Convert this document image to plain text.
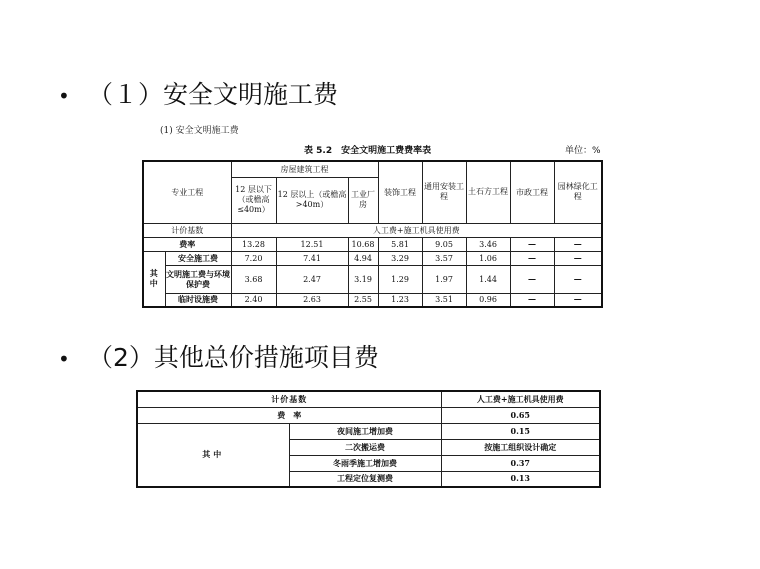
• （１）安全文明施工费
(1) 安全文明施工费
表 5.2　安全文明施工费费率表	单位：%
专业工程		房屋建筑工程			装饰工程	通用安装工程	土石方工程	市政工程	园林绿化工程
		12 层以下（或檐高≤40m）	12 层以上（或檐高>40m）	工业厂房					
计价基数		人工费+施工机具使用费							
费率		13.28	12.51	10.68	5.81	9.05	3.46	—	—
其中	安全施工费	7.20	7.41	4.94	3.29	3.57	1.06	—	—
	文明施工费与环境保护费	3.68	2.47	3.19	1.29	1.97	1.44	—	—
	临时设施费	2.40	2.63	2.55	1.23	3.51	0.96	—	—
• （2）其他总价措施项目费
计价基数		人工费+施工机具使用费
费　率		0.65
其中	夜间施工增加费	0.15
	二次搬运费	按施工组织设计确定
	冬雨季施工增加费	0.37
	工程定位复测费	0.13
